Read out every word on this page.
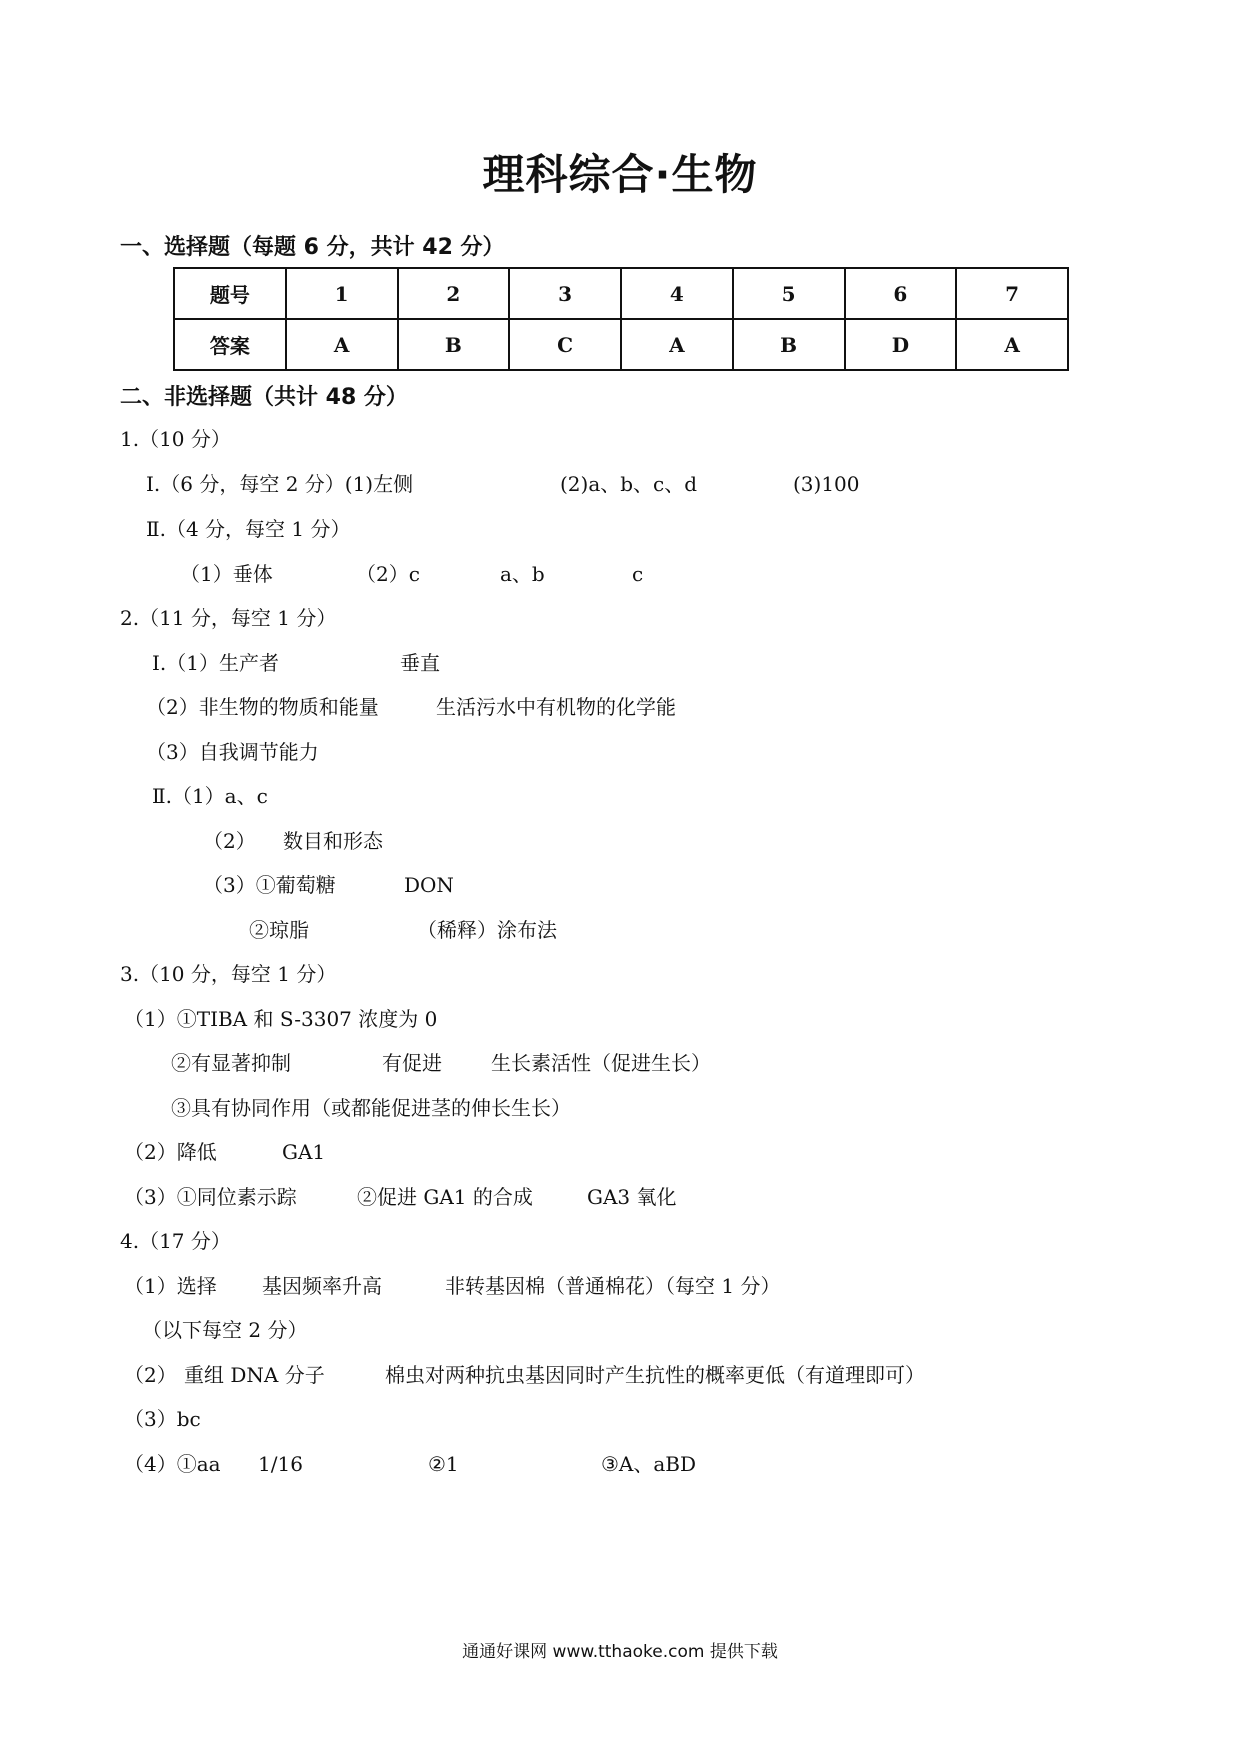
理科综合·生物
一、选择题（每题 6 分，共计 42 分）
题号	1	2	3	4	5	6	7
答案	A	B	C	A	B	D	A
二、非选择题（共计 48 分）
1.（10 分）
Ⅰ.（6 分，每空 2 分）(1)左侧	(2)a、b、c、d	(3)100
Ⅱ.（4 分，每空 1 分）
（1）垂体	（2）c	a、b	c
2.（11 分，每空 1 分）
Ⅰ.（1）生产者	垂直
（2）非生物的物质和能量	生活污水中有机物的化学能
（3）自我调节能力
Ⅱ.（1）a、c
（2） 数目和形态
（3）①葡萄糖	DON
②琼脂	（稀释）涂布法
3.（10 分，每空 1 分）
（1）①TIBA 和 S-3307 浓度为 0
②有显著抑制	有促进 生长素活性（促进生长）
③具有协同作用（或都能促进茎的伸长生长）
（2）降低	GA1
（3）①同位素示踪	②促进 GA1 的合成	GA3 氧化
4.（17 分）
（1）选择 基因频率升高	非转基因棉（普通棉花）（每空 1 分）
（以下每空 2 分）
（2） 重组 DNA 分子	棉虫对两种抗虫基因同时产生抗性的概率更低（有道理即可）
（3）bc
（4）①aa 1/16	②1	③A、aBD
通通好课网 www.tthaoke.com 提供下载
